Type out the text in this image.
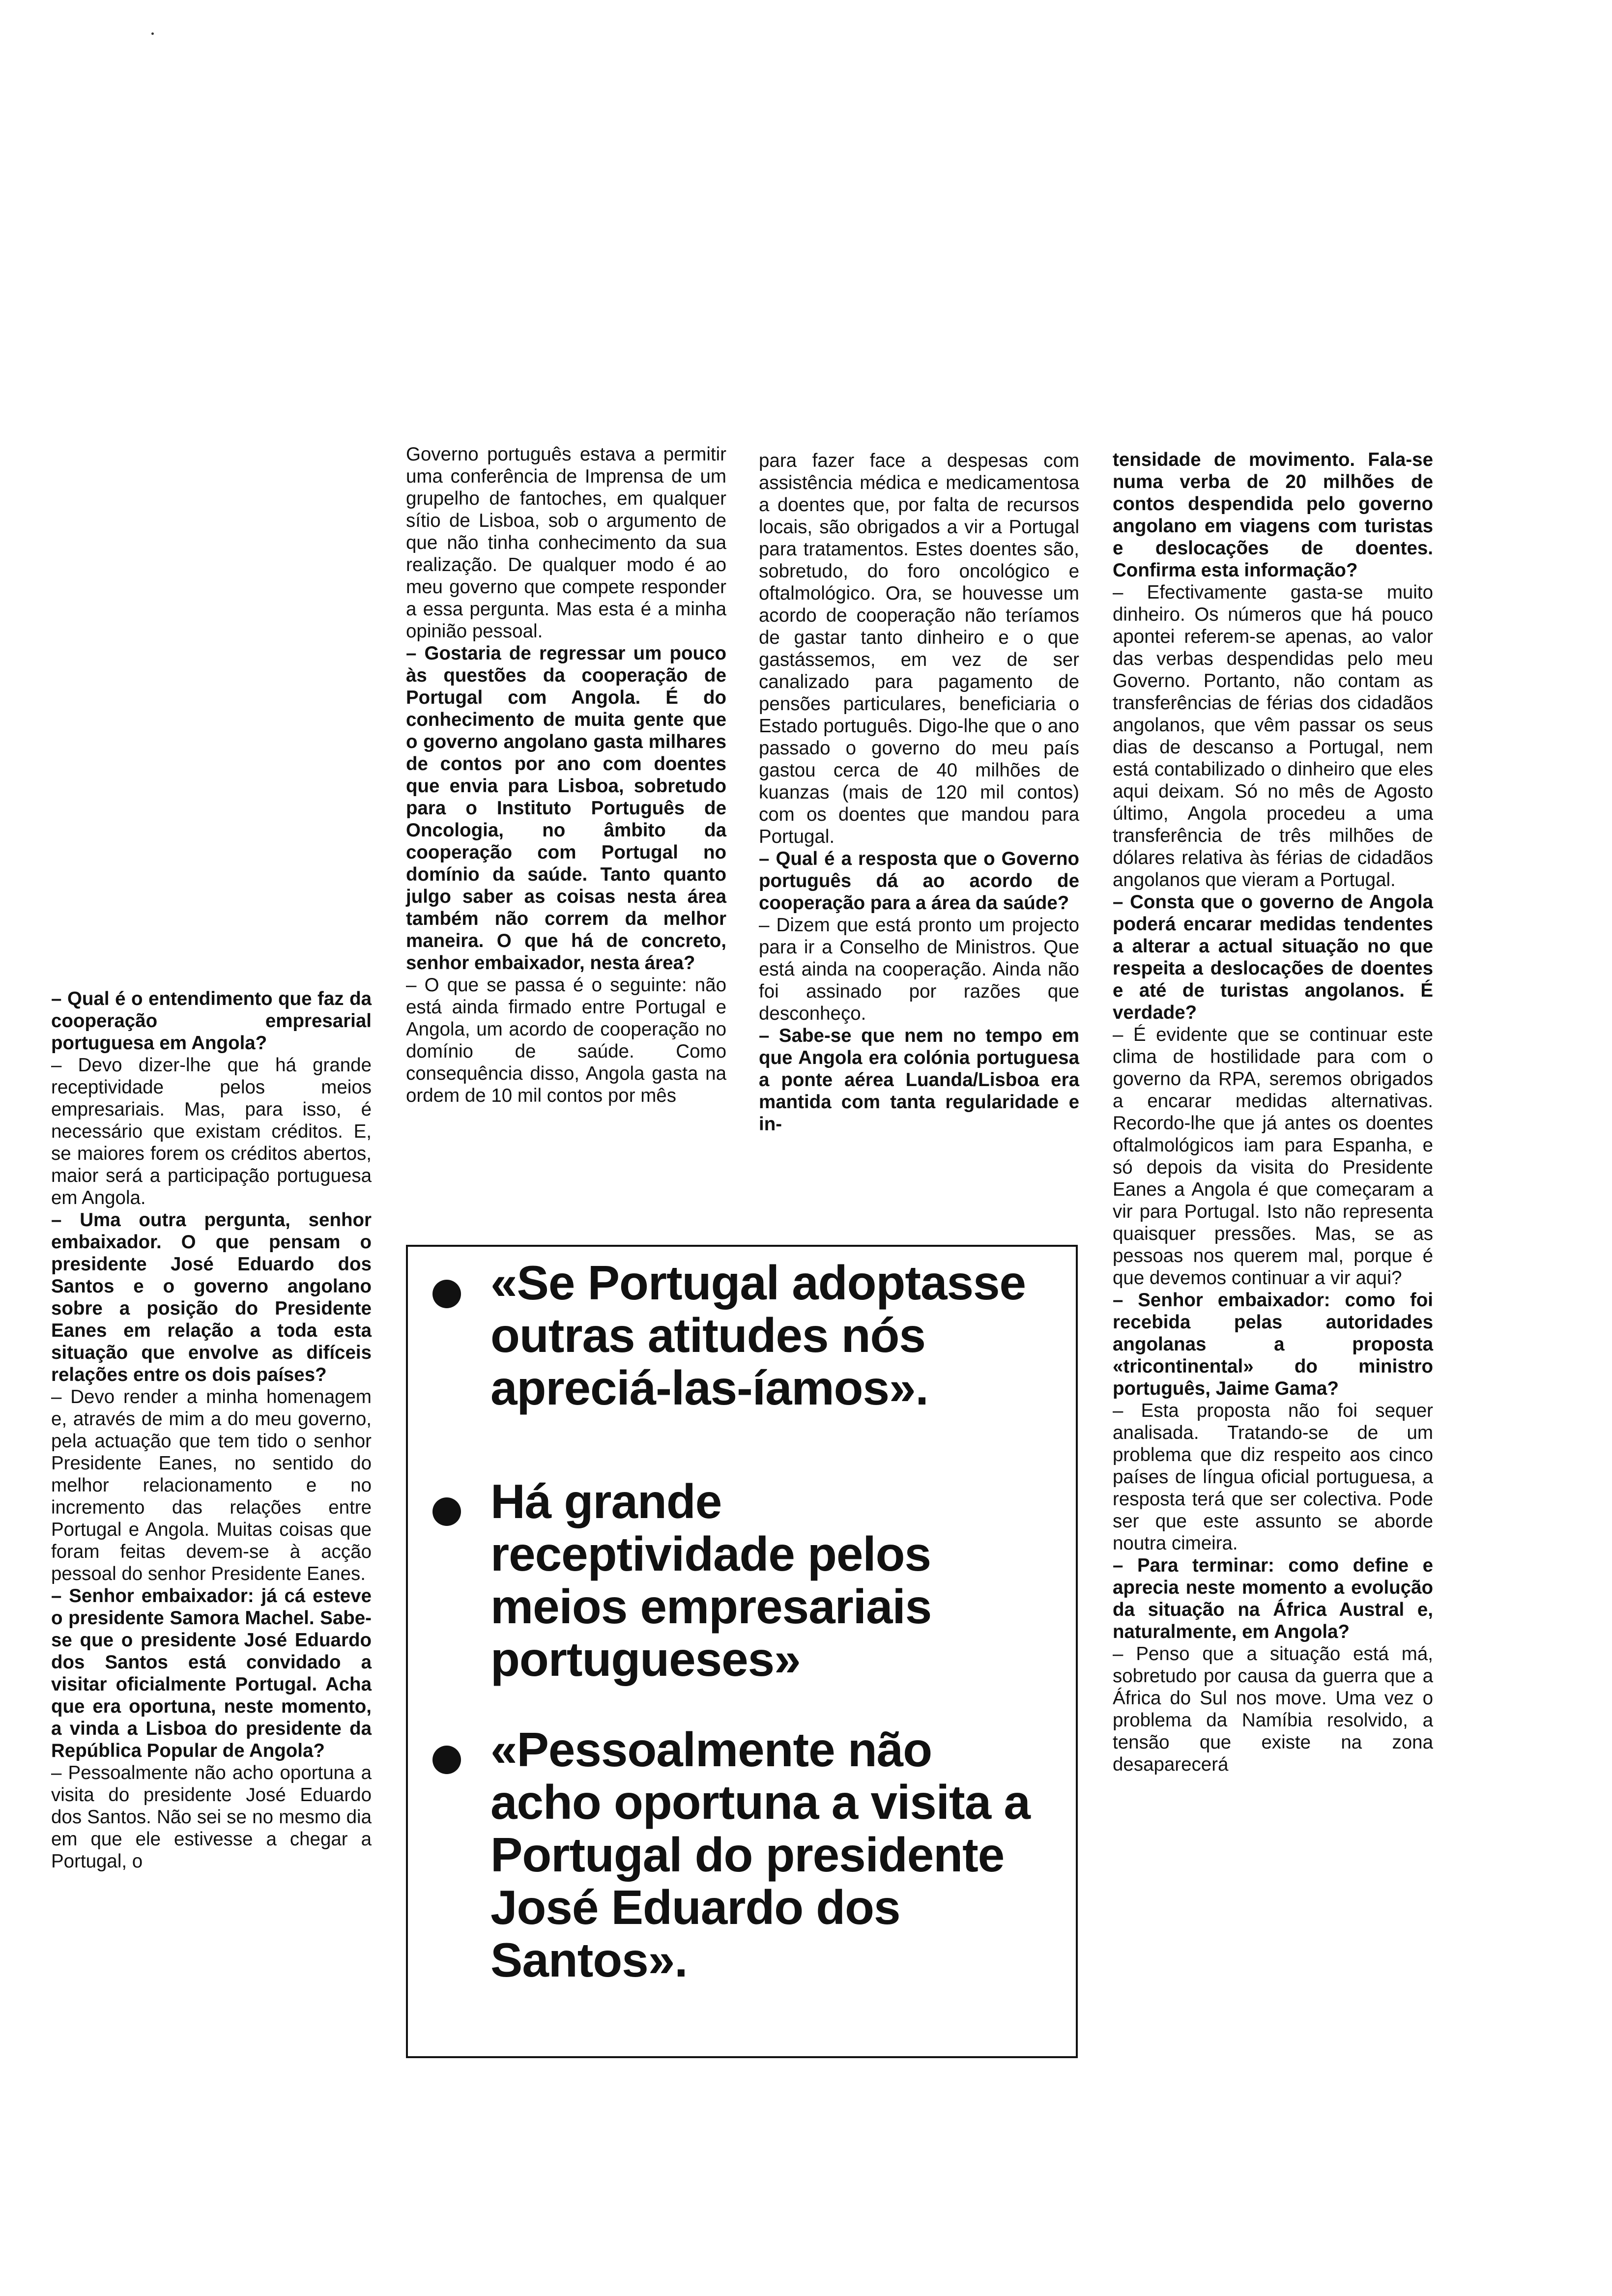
– Qual é o entendimento que faz da cooperação empresarial portuguesa em Angola?

– Devo dizer-lhe que há grande receptividade pelos meios empresariais. Mas, para isso, é necessário que existam créditos. E, se maiores forem os créditos abertos, maior será a participação portuguesa em Angola.

– Uma outra pergunta, senhor embaixador. O que pensam o presidente José Eduardo dos Santos e o governo angolano sobre a posição do Presidente Eanes em relação a toda esta situação que envolve as difíceis relações entre os dois países?

– Devo render a minha homenagem e, através de mim a do meu governo, pela actuação que tem tido o senhor Presidente Eanes, no sentido do melhor relacionamento e no incremento das relações entre Portugal e Angola. Muitas coisas que foram feitas devem-se à acção pessoal do senhor Presidente Eanes.

– Senhor embaixador: já cá esteve o presidente Samora Machel. Sabe-se que o presidente José Eduardo dos Santos está convidado a visitar oficialmente Portugal. Acha que era oportuna, neste momento, a vinda a Lisboa do presidente da República Popular de Angola?

– Pessoalmente não acho oportuna a visita do presidente José Eduardo dos Santos. Não sei se no mesmo dia em que ele estivesse a chegar a Portugal, o

Governo português estava a permitir uma conferência de Imprensa de um grupelho de fantoches, em qualquer sítio de Lisboa, sob o argumento de que não tinha conhecimento da sua realização. De qualquer modo é ao meu governo que compete responder a essa pergunta. Mas esta é a minha opinião pessoal.

– Gostaria de regressar um pouco às questões da cooperação de Portugal com Angola. É do conhecimento de muita gente que o governo angolano gasta milhares de contos por ano com doentes que envia para Lisboa, sobretudo para o Instituto Português de Oncologia, no âmbito da cooperação com Portugal no domínio da saúde. Tanto quanto julgo saber as coisas nesta área também não correm da melhor maneira. O que há de concreto, senhor embaixador, nesta área?

– O que se passa é o seguinte: não está ainda firmado entre Portugal e Angola, um acordo de cooperação no domínio de saúde. Como consequência disso, Angola gasta na ordem de 10 mil contos por mês

para fazer face a despesas com assistência médica e medicamentosa a doentes que, por falta de recursos locais, são obrigados a vir a Portugal para tratamentos. Estes doentes são, sobretudo, do foro oncológico e oftalmológico. Ora, se houvesse um acordo de cooperação não teríamos de gastar tanto dinheiro e o que gastássemos, em vez de ser canalizado para pagamento de pensões particulares, beneficiaria o Estado português. Digo-lhe que o ano passado o governo do meu país gastou cerca de 40 milhões de kuanzas (mais de 120 mil contos) com os doentes que mandou para Portugal.

– Qual é a resposta que o Governo português dá ao acordo de cooperação para a área da saúde?

– Dizem que está pronto um projecto para ir a Conselho de Ministros. Que está ainda na cooperação. Ainda não foi assinado por razões que desconheço.

– Sabe-se que nem no tempo em que Angola era colónia portuguesa a ponte aérea Luanda/Lisboa era mantida com tanta regularidade e in-

tensidade de movimento. Fala-se numa verba de 20 milhões de contos despendida pelo governo angolano em viagens com turistas e deslocações de doentes. Confirma esta informação?

– Efectivamente gasta-se muito dinheiro. Os números que há pouco apontei referem-se apenas, ao valor das verbas despendidas pelo meu Governo. Portanto, não contam as transferências de férias dos cidadãos angolanos, que vêm passar os seus dias de descanso a Portugal, nem está contabilizado o dinheiro que eles aqui deixam. Só no mês de Agosto último, Angola procedeu a uma transferência de três milhões de dólares relativa às férias de cidadãos angolanos que vieram a Portugal.

– Consta que o governo de Angola poderá encarar medidas tendentes a alterar a actual situação no que respeita a deslocações de doentes e até de turistas angolanos. É verdade?

– É evidente que se continuar este clima de hostilidade para com o governo da RPA, seremos obrigados a encarar medidas alternativas. Recordo-lhe que já antes os doentes oftalmológicos iam para Espanha, e só depois da visita do Presidente Eanes a Angola é que começaram a vir para Portugal. Isto não representa quaisquer pressões. Mas, se as pessoas nos querem mal, porque é que devemos continuar a vir aqui?

– Senhor embaixador: como foi recebida pelas autoridades angolanas a proposta «tricontinental» do ministro português, Jaime Gama?

– Esta proposta não foi sequer analisada. Tratando-se de um problema que diz respeito aos cinco países de língua oficial portuguesa, a resposta terá que ser colectiva. Pode ser que este assunto se aborde noutra cimeira.

– Para terminar: como define e aprecia neste momento a evolução da situação na África Austral e, naturalmente, em Angola?

– Penso que a situação está má, sobretudo por causa da guerra que a África do Sul nos move. Uma vez o problema da Namíbia resolvido, a tensão que existe na zona desaparecerá

«Se Portugal adoptasse
outras atitudes nós
apreciá-las-íamos».
Há grande
receptividade pelos
meios empresariais
portugueses»
«Pessoalmente não
acho oportuna a visita a
Portugal do presidente
José Eduardo dos
Santos».
